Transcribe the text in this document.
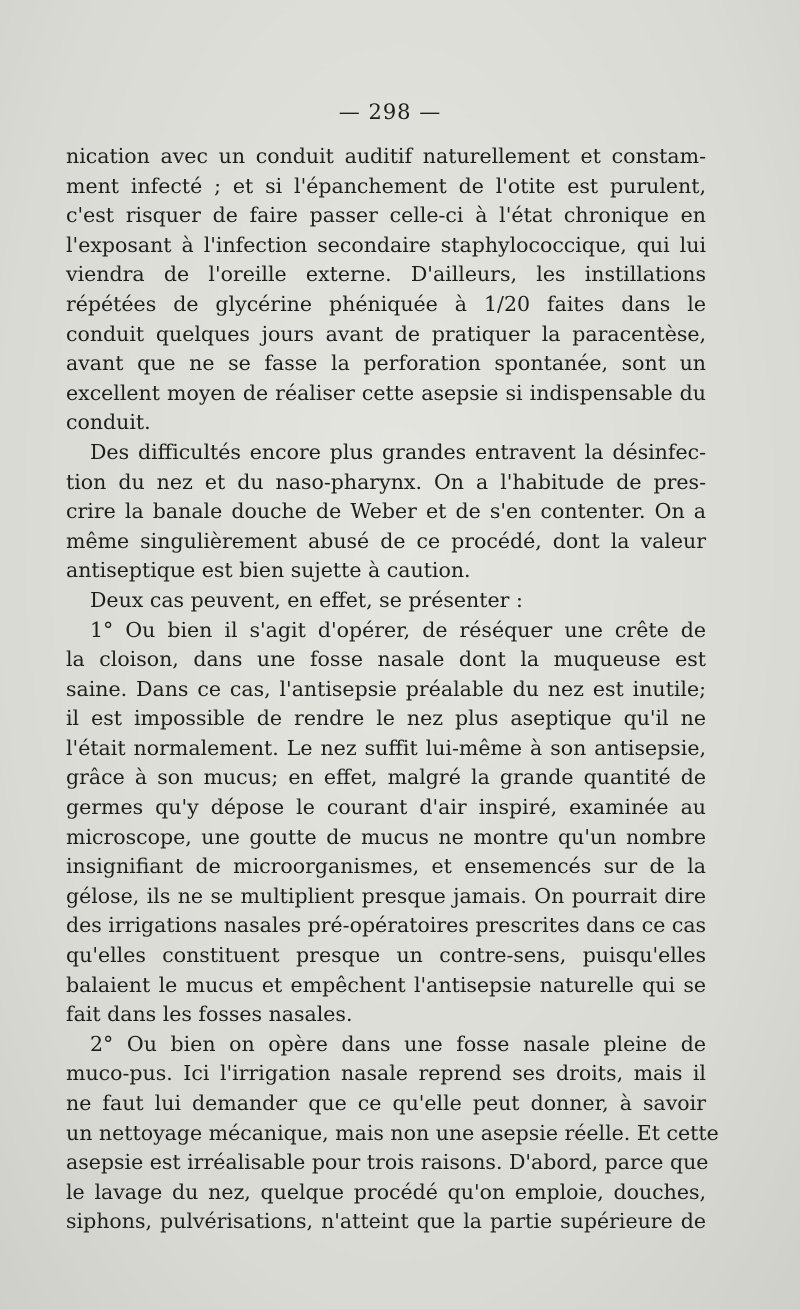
— 298 —
nication avec un conduit auditif naturellement et constam-
ment infecté ; et si l'épanchement de l'otite est purulent,
c'est risquer de faire passer celle-ci à l'état chronique en
l'exposant à l'infection secondaire staphylococcique, qui lui
viendra de l'oreille externe. D'ailleurs, les instillations
répétées de glycérine phéniquée à 1/20 faites dans le
conduit quelques jours avant de pratiquer la paracentèse,
avant que ne se fasse la perforation spontanée, sont un
excellent moyen de réaliser cette asepsie si indispensable du
conduit.
Des difficultés encore plus grandes entravent la désinfec-
tion du nez et du naso-pharynx. On a l'habitude de pres-
crire la banale douche de Weber et de s'en contenter. On a
même singulièrement abusé de ce procédé, dont la valeur
antiseptique est bien sujette à caution.
Deux cas peuvent, en effet, se présenter :
1° Ou bien il s'agit d'opérer, de réséquer une crête de
la cloison, dans une fosse nasale dont la muqueuse est
saine. Dans ce cas, l'antisepsie préalable du nez est inutile;
il est impossible de rendre le nez plus aseptique qu'il ne
l'était normalement. Le nez suffit lui-même à son antisepsie,
grâce à son mucus; en effet, malgré la grande quantité de
germes qu'y dépose le courant d'air inspiré, examinée au
microscope, une goutte de mucus ne montre qu'un nombre
insignifiant de microorganismes, et ensemencés sur de la
gélose, ils ne se multiplient presque jamais. On pourrait dire
des irrigations nasales pré-opératoires prescrites dans ce cas
qu'elles constituent presque un contre-sens, puisqu'elles
balaient le mucus et empêchent l'antisepsie naturelle qui se
fait dans les fosses nasales.
2° Ou bien on opère dans une fosse nasale pleine de
muco-pus. Ici l'irrigation nasale reprend ses droits, mais il
ne faut lui demander que ce qu'elle peut donner, à savoir
un nettoyage mécanique, mais non une asepsie réelle. Et cette
asepsie est irréalisable pour trois raisons. D'abord, parce que
le lavage du nez, quelque procédé qu'on emploie, douches,
siphons, pulvérisations, n'atteint que la partie supérieure de
